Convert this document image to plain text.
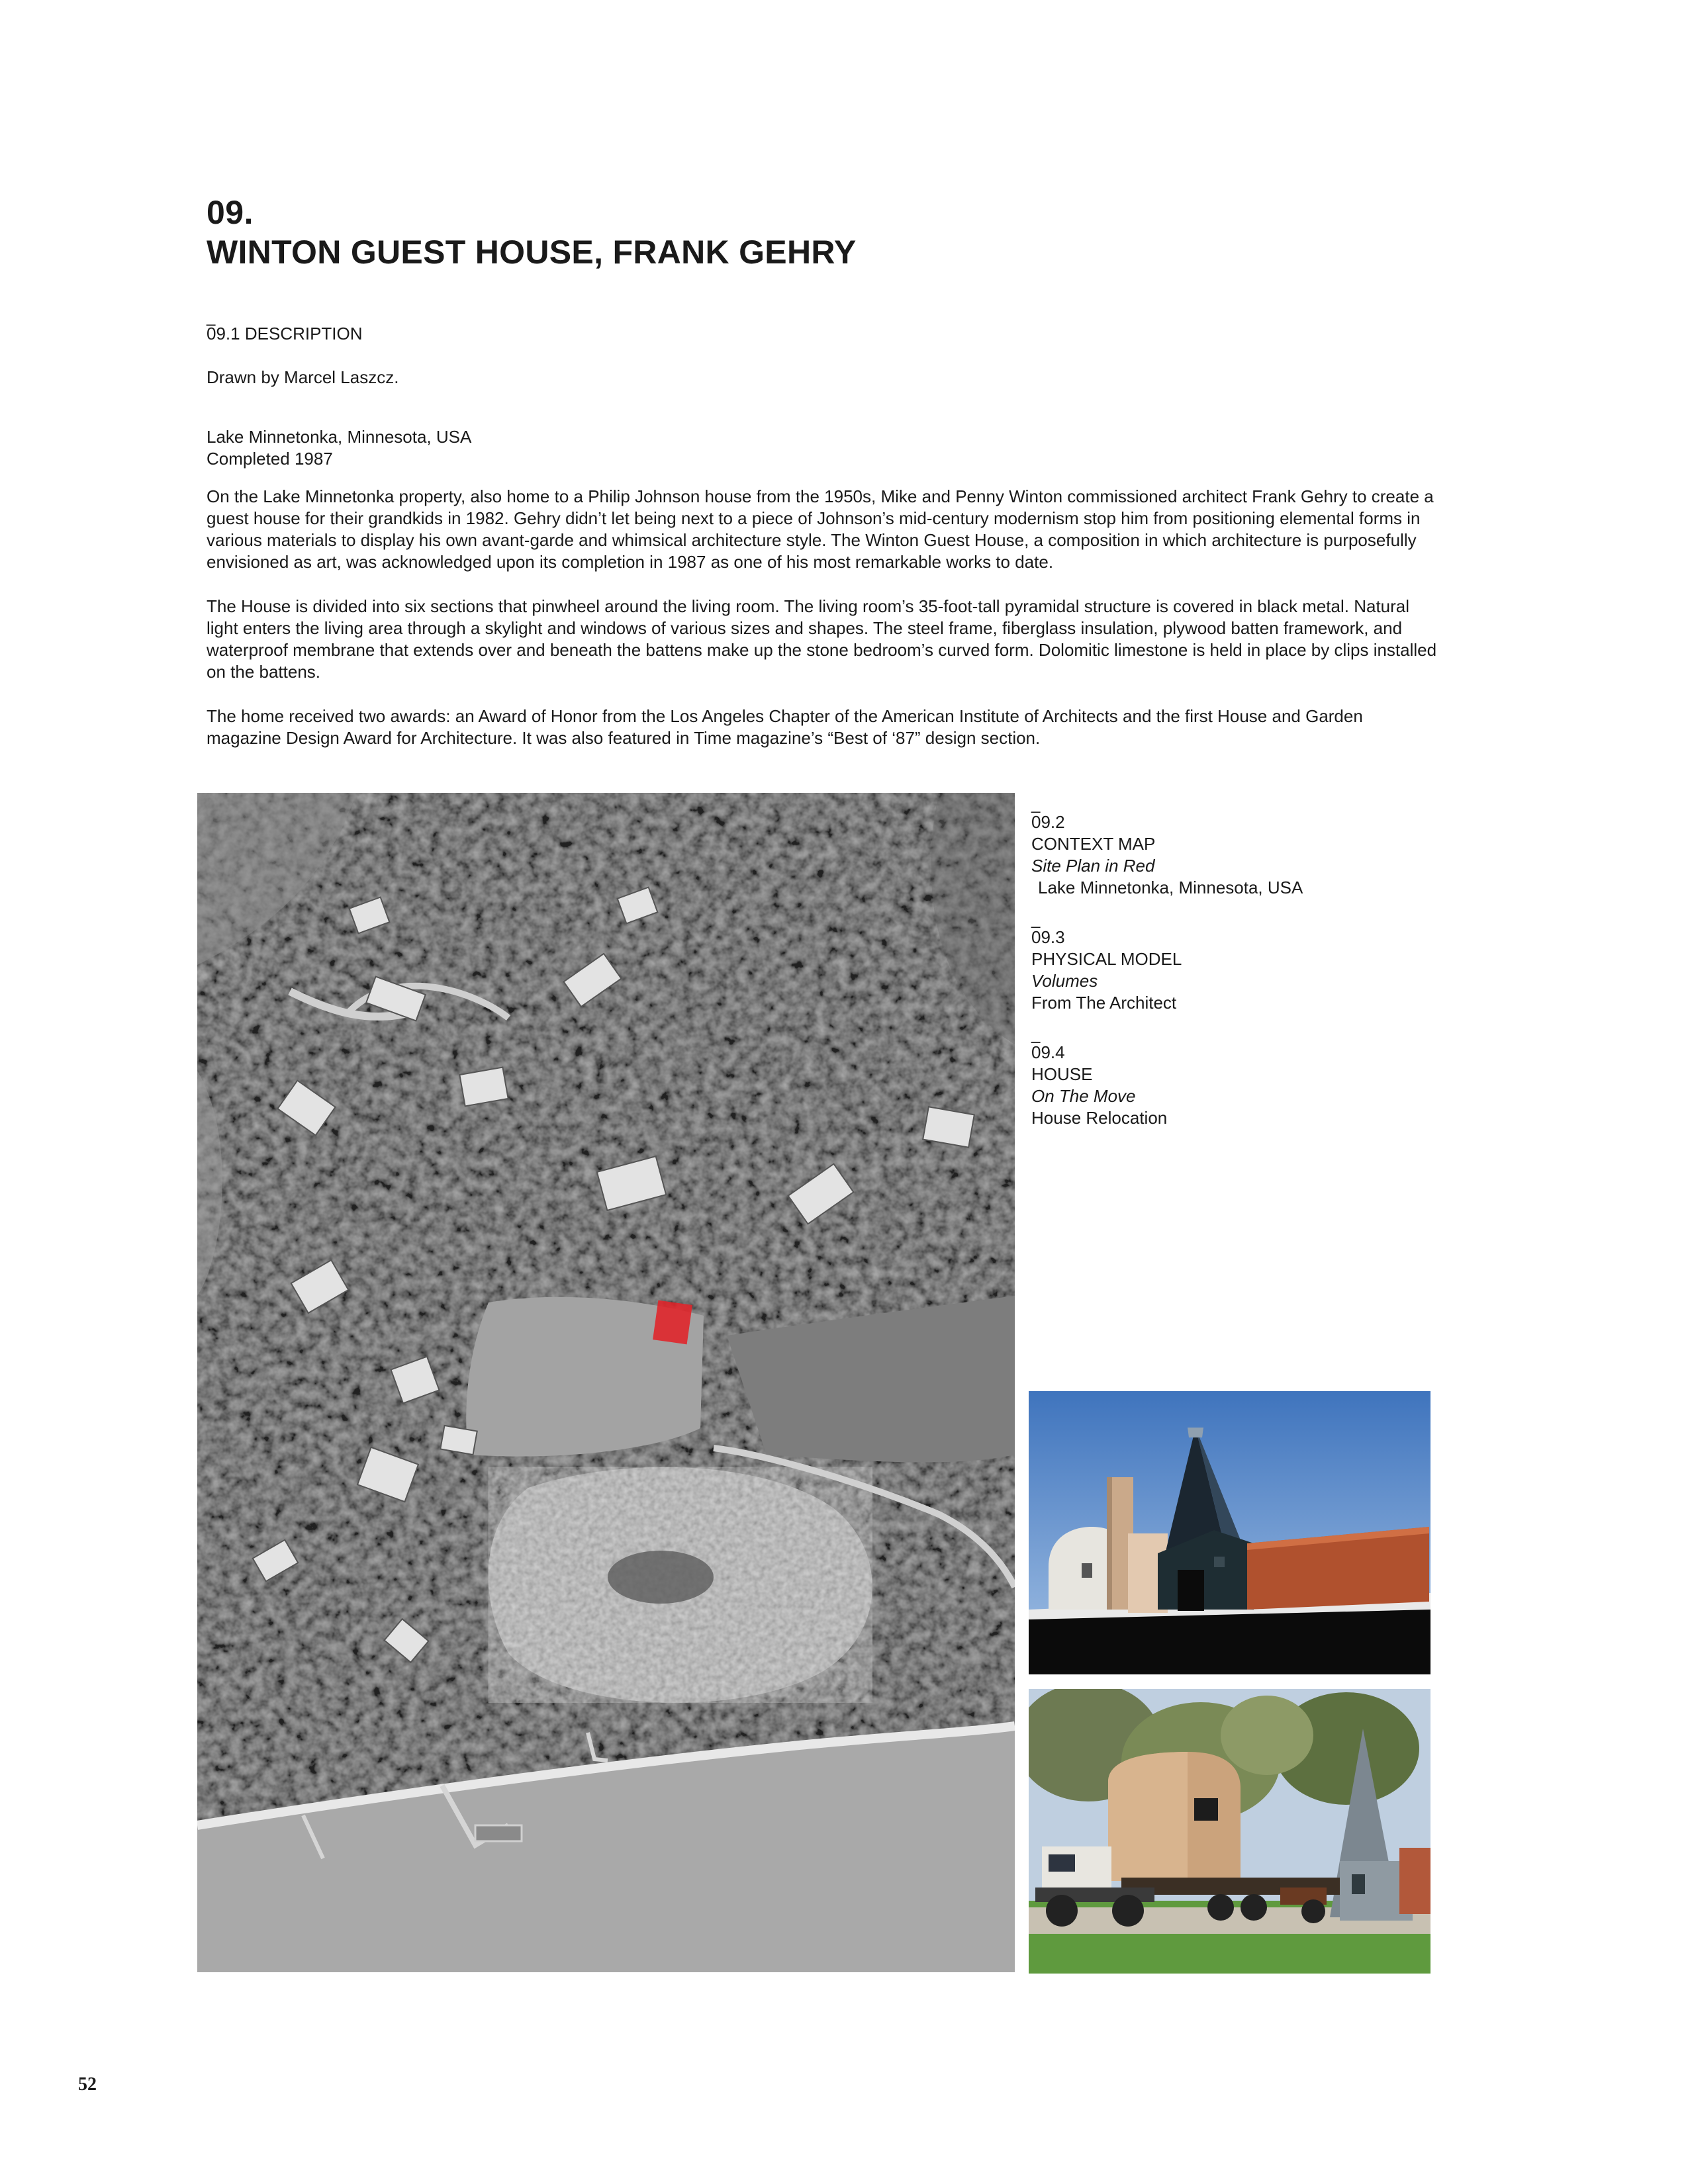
09.
WINTON GUEST HOUSE, FRANK GEHRY
_
09.1 DESCRIPTION
Drawn by Marcel Laszcz.
Lake Minnetonka, Minnesota, USA
Completed 1987

On the Lake Minnetonka property, also home to a Philip Johnson house from the 1950s, Mike and Penny Winton commissioned architect Frank Gehry to create a guest house for their grandkids in 1982. Gehry didn’t let being next to a piece of Johnson’s mid-century modernism stop him from positioning elemental forms in various materials to display his own avant-garde and whimsical architecture style. The Winton Guest House, a composition in which architecture is purposefully envisioned as art, was acknowledged upon its completion in 1987 as one of his most remarkable works to date.

The House is divided into six sections that pinwheel around the living room. The living room’s 35-foot-tall pyramidal structure is covered in black metal. Natural light enters the living area through a skylight and windows of various sizes and shapes. The steel frame, fiberglass insulation, plywood batten framework, and waterproof membrane that extends over and beneath the battens make up the stone bedroom’s curved form. Dolomitic limestone is held in place by clips installed on the battens.

The home received two awards: an Award of Honor from the Los Angeles Chapter of the American Institute of Architects and the first House and Garden magazine Design Award for Architecture. It was also featured in Time magazine’s “Best of ‘87” design section.

_
09.2
CONTEXT MAP
Site Plan in Red
Lake Minnetonka, Minnesota, USA
_
09.3
PHYSICAL MODEL
Volumes
From The Architect
_
09.4
HOUSE
On The Move
House Relocation
52
